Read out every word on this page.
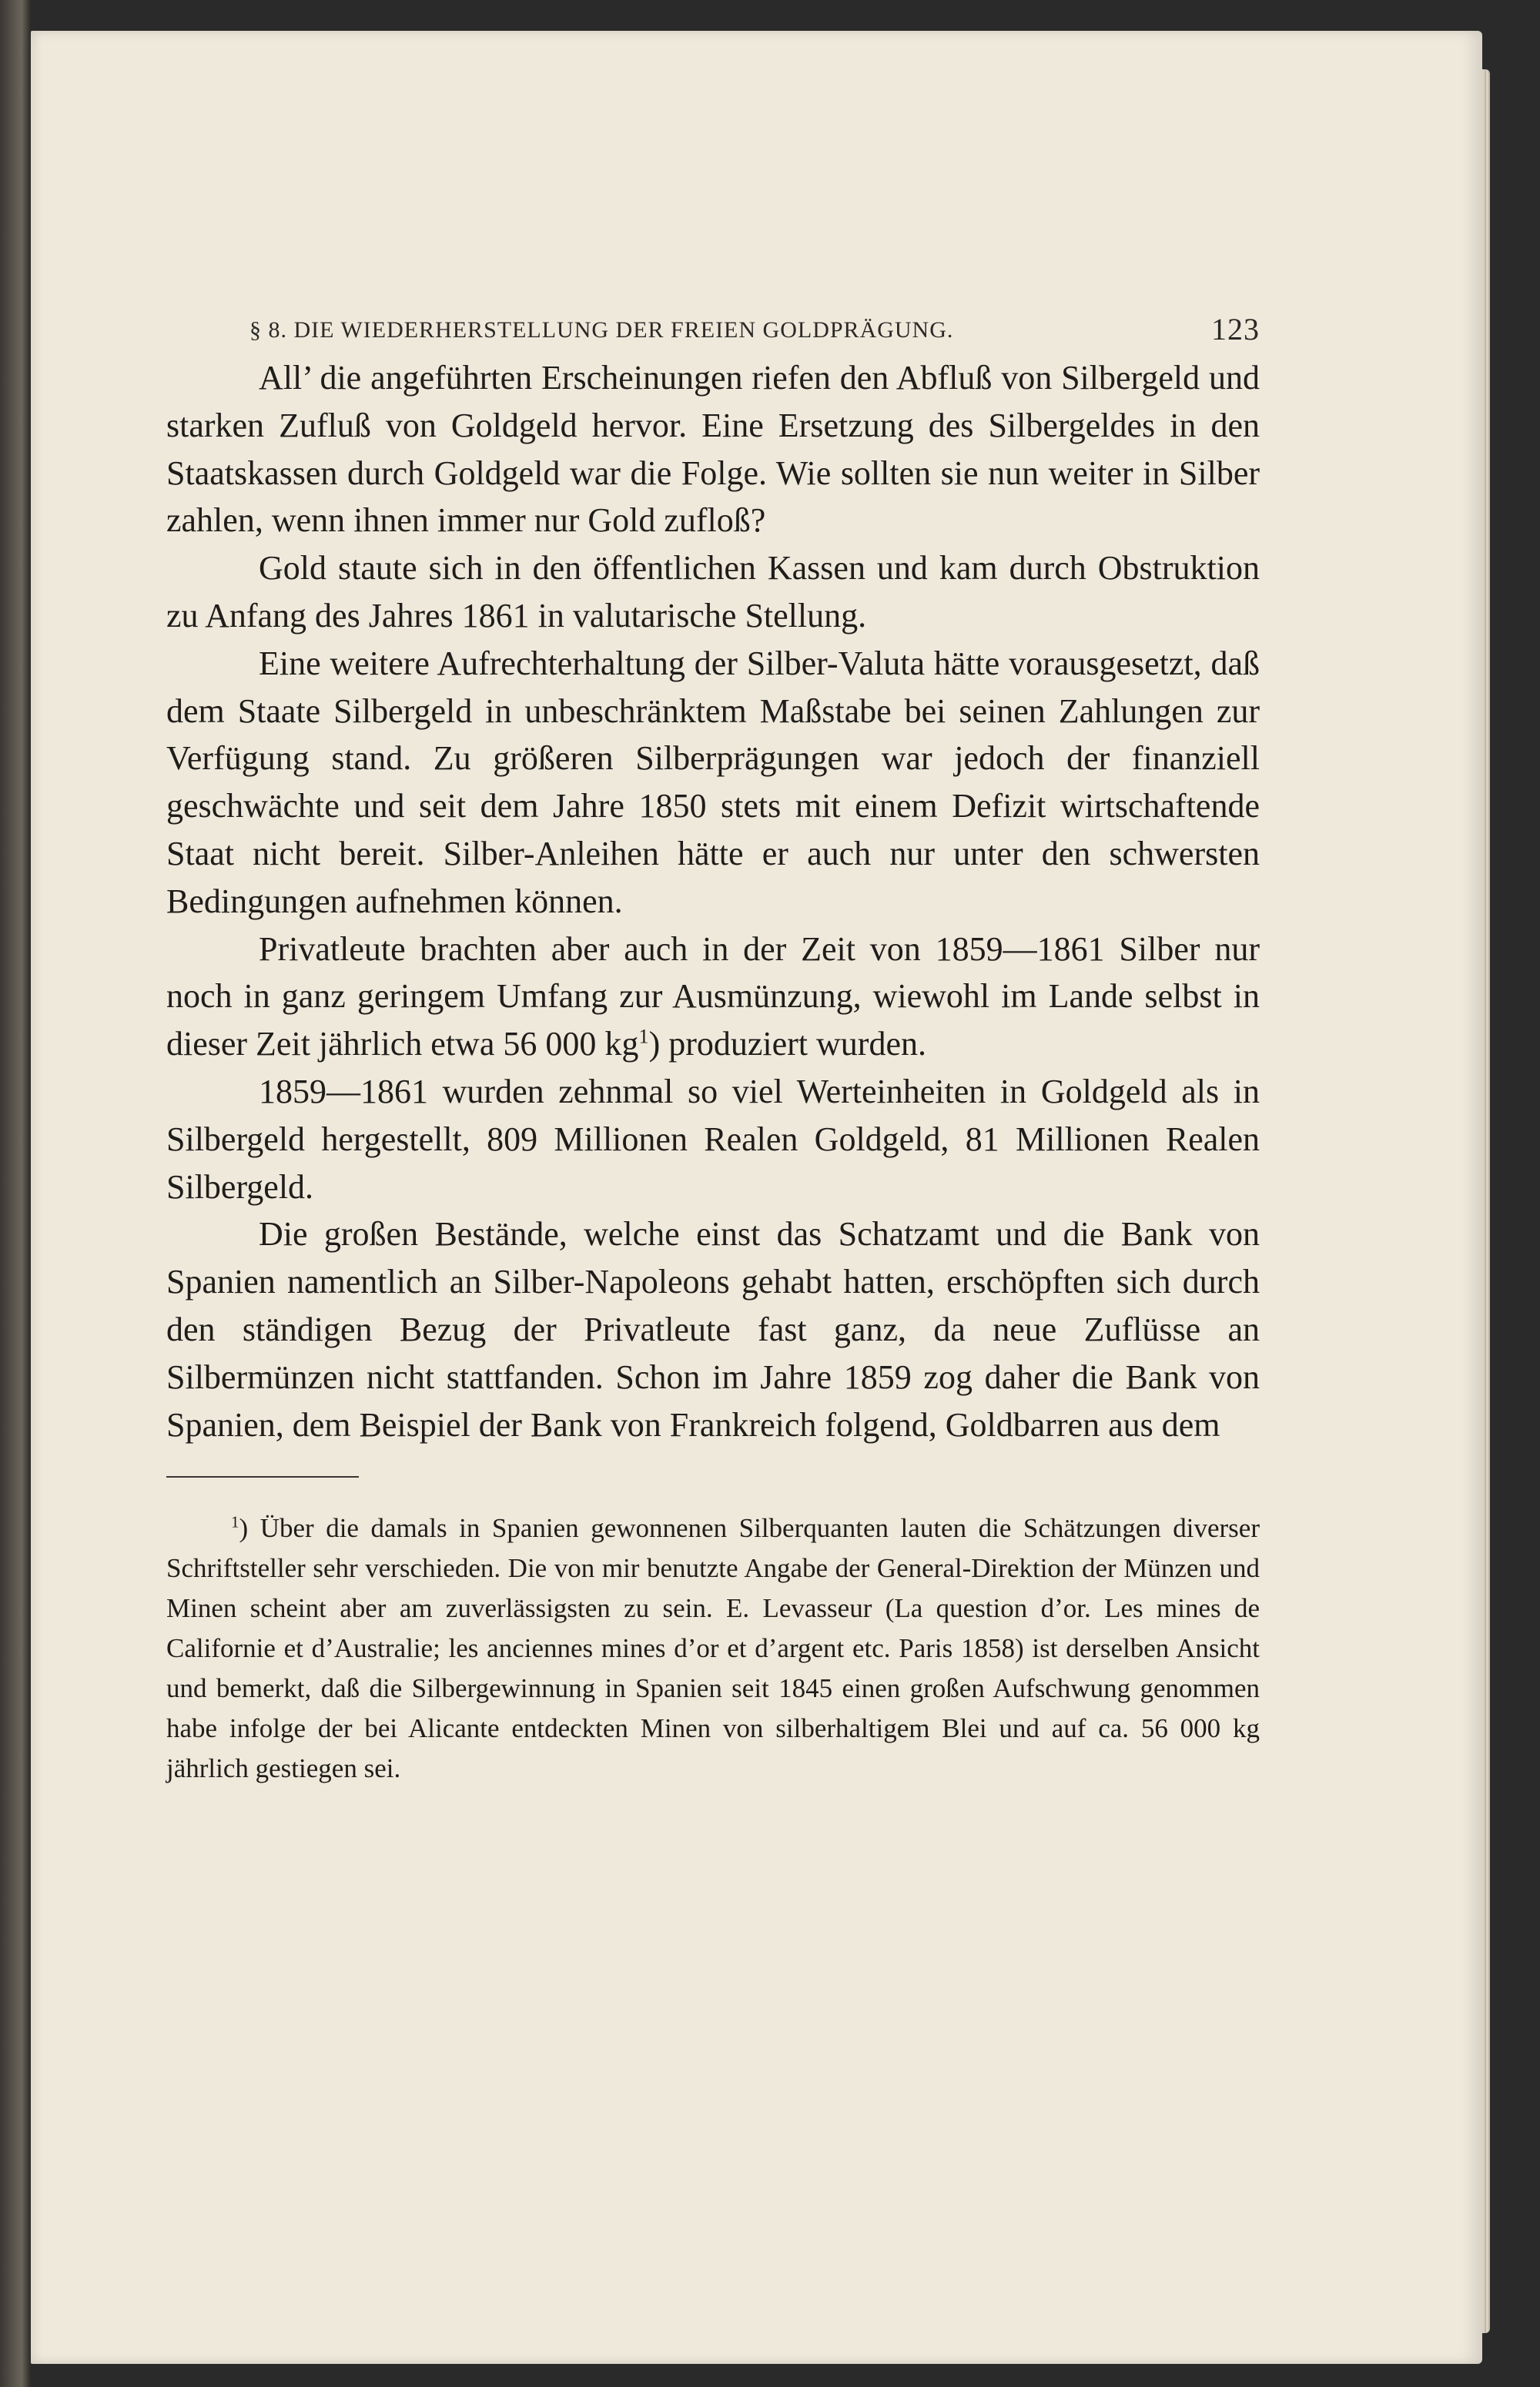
§ 8. DIE WIEDERHERSTELLUNG DER FREIEN GOLDPRÄGUNG.	123

All’ die angeführten Erscheinungen riefen den Abfluß von Silbergeld und starken Zufluß von Goldgeld hervor. Eine Ersetzung des Silbergeldes in den Staatskassen durch Goldgeld war die Folge. Wie sollten sie nun weiter in Silber zahlen, wenn ihnen immer nur Gold zufloß?

Gold staute sich in den öffentlichen Kassen und kam durch Obstruktion zu Anfang des Jahres 1861 in valutarische Stellung.

Eine weitere Aufrechterhaltung der Silber-Valuta hätte vorausgesetzt, daß dem Staate Silbergeld in unbeschränktem Maßstabe bei seinen Zahlungen zur Verfügung stand. Zu größeren Silberprägungen war jedoch der finanziell geschwächte und seit dem Jahre 1850 stets mit einem Defizit wirtschaftende Staat nicht bereit. Silber-Anleihen hätte er auch nur unter den schwersten Bedingungen aufnehmen können.

Privatleute brachten aber auch in der Zeit von 1859—1861 Silber nur noch in ganz geringem Umfang zur Ausmünzung, wiewohl im Lande selbst in dieser Zeit jährlich etwa 56 000 $kg^1$) produziert wurden.

1859—1861 wurden zehnmal so viel Werteinheiten in Goldgeld als in Silbergeld hergestellt, 809 Millionen Realen Goldgeld, 81 Millionen Realen Silbergeld.

Die großen Bestände, welche einst das Schatzamt und die Bank von Spanien namentlich an Silber-Napoleons gehabt hatten, erschöpften sich durch den ständigen Bezug der Privatleute fast ganz, da neue Zuflüsse an Silbermünzen nicht stattfanden. Schon im Jahre 1859 zog daher die Bank von Spanien, dem Beispiel der Bank von Frankreich folgend, Goldbarren aus dem

$^1$) Über die damals in Spanien gewonnenen Silberquanten lauten die Schätzungen diverser Schriftsteller sehr verschieden. Die von mir benutzte Angabe der General-Direktion der Münzen und Minen scheint aber am zuverlässigsten zu sein. E. Levasseur (La question d’or. Les mines de Californie et d’Australie; les anciennes mines d’or et d’argent etc. Paris 1858) ist derselben Ansicht und bemerkt, daß die Silbergewinnung in Spanien seit 1845 einen großen Aufschwung genommen habe infolge der bei Alicante entdeckten Minen von silberhaltigem Blei und auf ca. 56 000 kg jährlich gestiegen sei.
